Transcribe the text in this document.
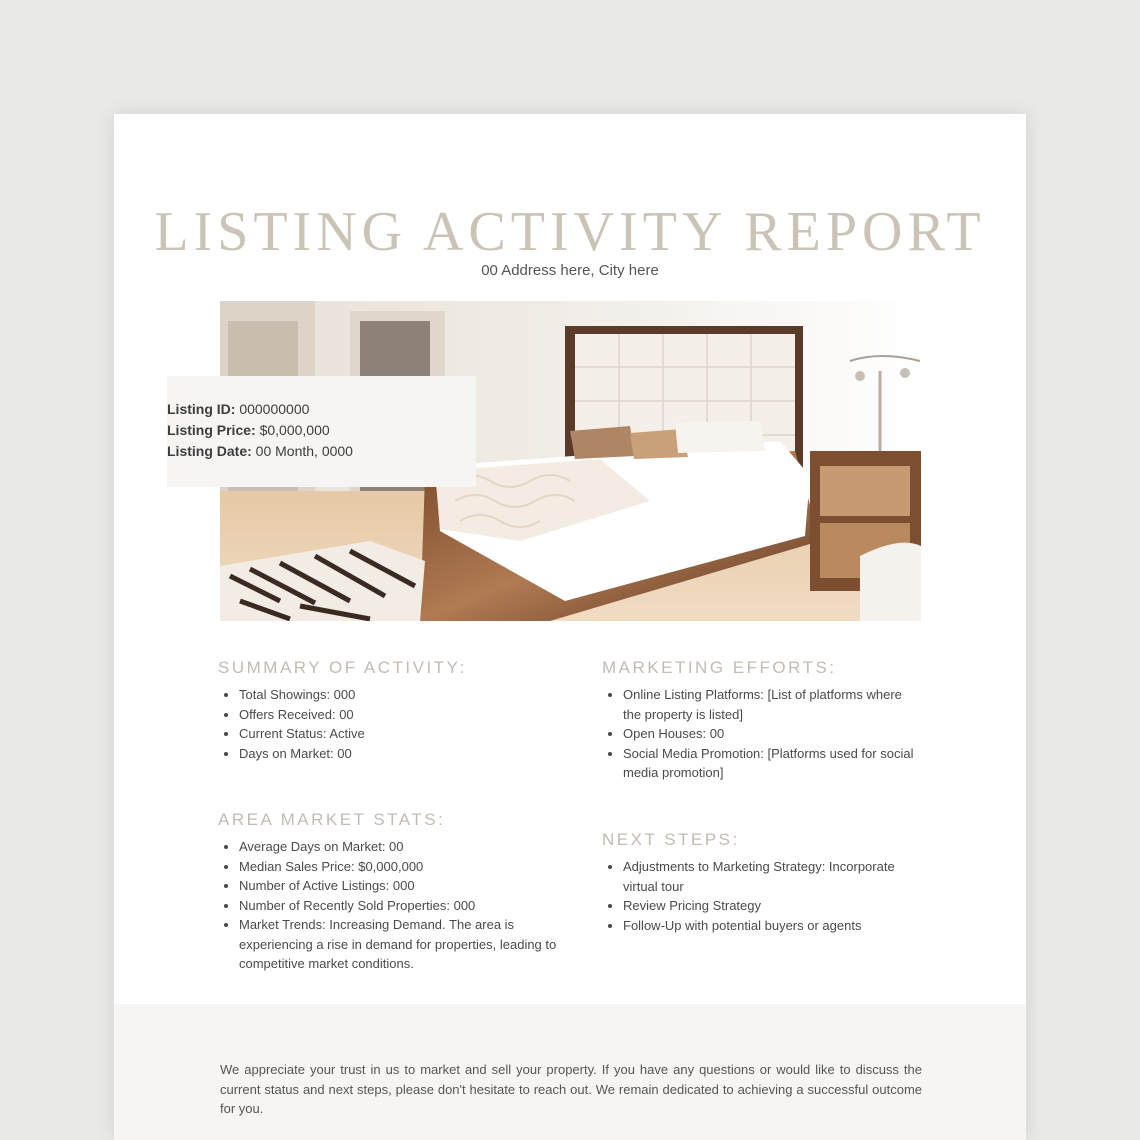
LISTING ACTIVITY REPORT
00 Address here, City here
Listing ID: 000000000
Listing Price: $0,000,000
Listing Date: 00 Month, 0000
SUMMARY OF ACTIVITY:
Total Showings: 000
Offers Received: 00
Current Status: Active
Days on Market: 00
MARKETING EFFORTS:
Online Listing Platforms: [List of platforms where the property is listed]
Open Houses: 00
Social Media Promotion: [Platforms used for social media promotion]
AREA MARKET STATS:
Average Days on Market: 00
Median Sales Price: $0,000,000
Number of Active Listings: 000
Number of Recently Sold Properties: 000
Market Trends: Increasing Demand. The area is experiencing a rise in demand for properties, leading to competitive market conditions.
NEXT STEPS:
Adjustments to Marketing Strategy: Incorporate virtual tour
Review Pricing Strategy
Follow-Up with potential buyers or agents

We appreciate your trust in us to market and sell your property. If you have any questions or would like to discuss the current status and next steps, please don't hesitate to reach out. We remain dedicated to achieving a successful outcome for you.
